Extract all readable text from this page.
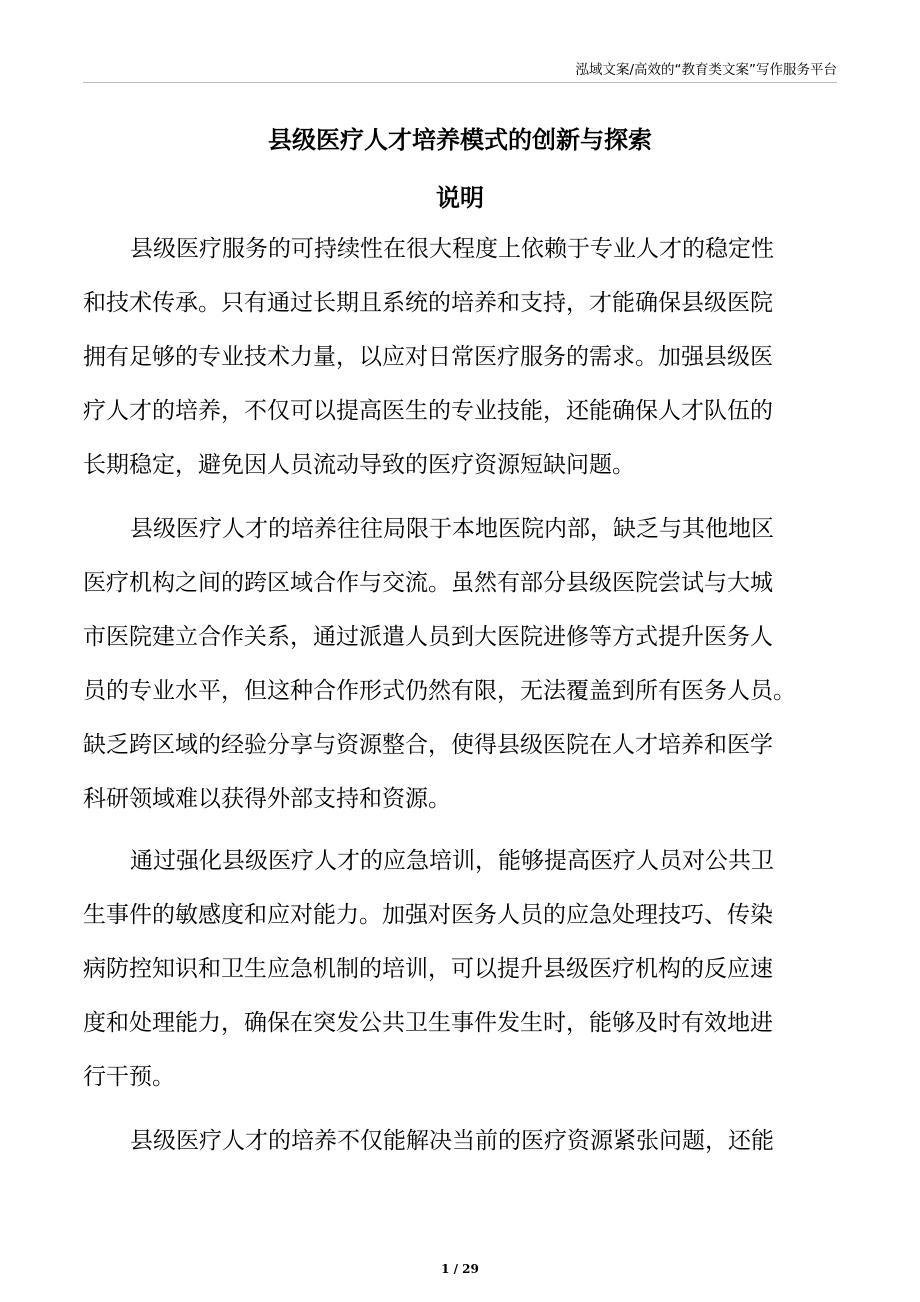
泓域文案/高效的“教育类文案”写作服务平台
县级医疗人才培养模式的创新与探索
说明
县级医疗服务的可持续性在很大程度上依赖于专业人才的稳定性
和技术传承。只有通过长期且系统的培养和支持，才能确保县级医院
拥有足够的专业技术力量，以应对日常医疗服务的需求。加强县级医
疗人才的培养，不仅可以提高医生的专业技能，还能确保人才队伍的
长期稳定，避免因人员流动导致的医疗资源短缺问题。
县级医疗人才的培养往往局限于本地医院内部，缺乏与其他地区
医疗机构之间的跨区域合作与交流。虽然有部分县级医院尝试与大城
市医院建立合作关系，通过派遣人员到大医院进修等方式提升医务人
员的专业水平，但这种合作形式仍然有限，无法覆盖到所有医务人员。
缺乏跨区域的经验分享与资源整合，使得县级医院在人才培养和医学
科研领域难以获得外部支持和资源。
通过强化县级医疗人才的应急培训，能够提高医疗人员对公共卫
生事件的敏感度和应对能力。加强对医务人员的应急处理技巧、传染
病防控知识和卫生应急机制的培训，可以提升县级医疗机构的反应速
度和处理能力，确保在突发公共卫生事件发生时，能够及时有效地进
行干预。
县级医疗人才的培养不仅能解决当前的医疗资源紧张问题，还能
1 / 29
